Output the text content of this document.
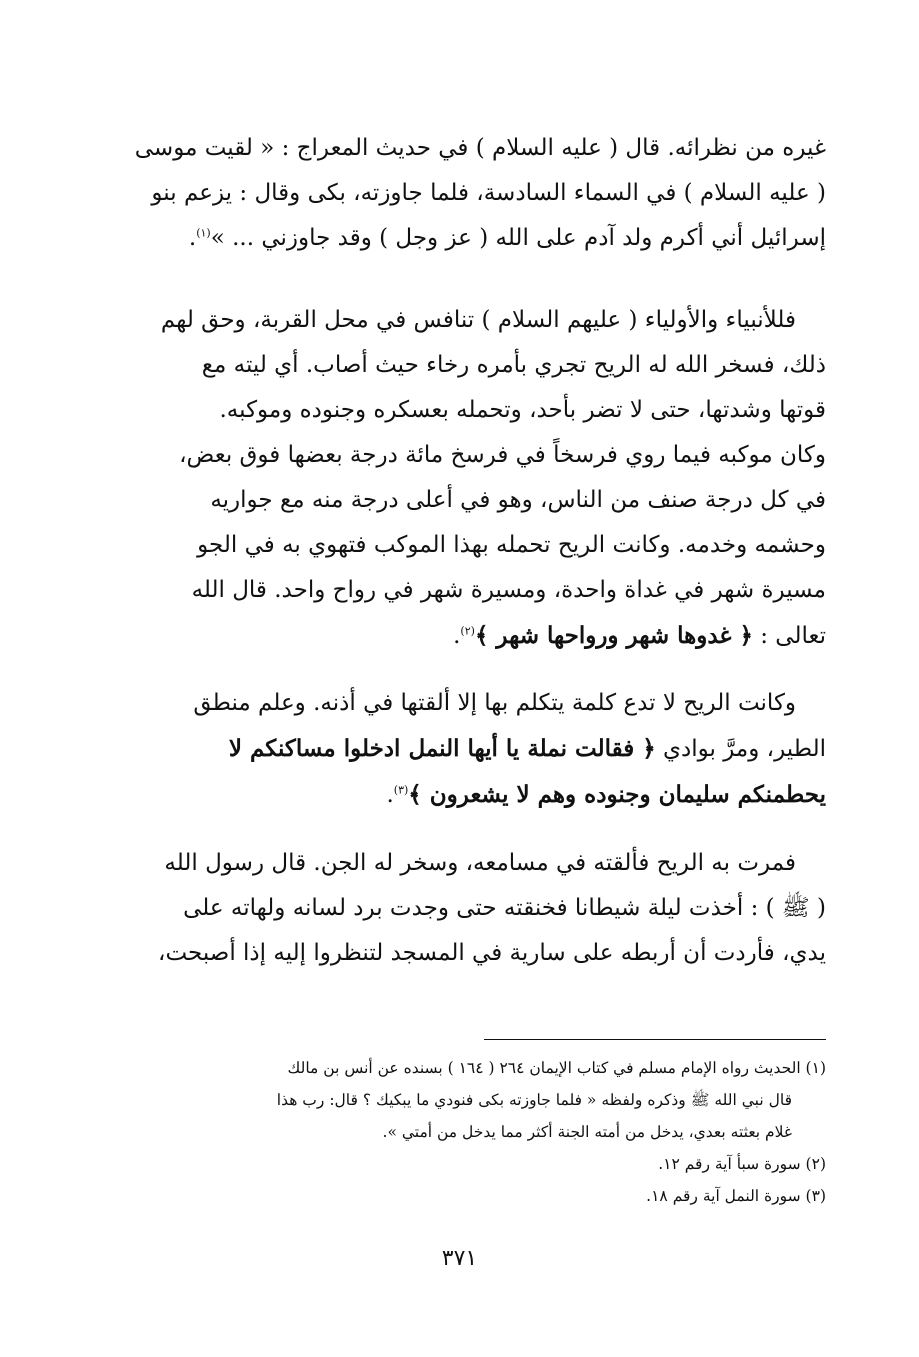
غيره من نظرائه. قال ( عليه السلام ) في حديث المعراج : « لقيت موسى
( عليه السلام ) في السماء السادسة، فلما جاوزته، بكى وقال : يزعم بنو
إسرائيل أني أكرم ولد آدم على الله ( عز وجل ) وقد جاوزني ... »$^{(١)}$.
فللأنبياء والأولياء ( عليهم السلام ) تنافس في محل القربة، وحق لهم
ذلك، فسخر الله له الريح تجري بأمره رخاء حيث أصاب. أي ليته مع
قوتها وشدتها، حتى لا تضر بأحد، وتحمله بعسكره وجنوده وموكبه.
وكان موكبه فيما روي فرسخاً في فرسخ مائة درجة بعضها فوق بعض،
في كل درجة صنف من الناس، وهو في أعلى درجة منه مع جواريه
وحشمه وخدمه. وكانت الريح تحمله بهذا الموكب فتهوي به في الجو
مسيرة شهر في غداة واحدة، ومسيرة شهر في رواح واحد. قال الله
تعالى : ﴿ غدوها شهر ورواحها شهر ﴾$^{(٢)}$.
وكانت الريح لا تدع كلمة يتكلم بها إلا ألقتها في أذنه. وعلم منطق
الطير، ومرَّ بوادي ﴿ فقالت نملة يا أيها النمل ادخلوا مساكنكم لا
يحطمنكم سليمان وجنوده وهم لا يشعرون ﴾$^{(٣)}$.
فمرت به الريح فألقته في مسامعه، وسخر له الجن. قال رسول الله
( ﷺ ) : أخذت ليلة شيطانا فخنقته حتى وجدت برد لسانه ولهاته على
يدي، فأردت أن أربطه على سارية في المسجد لتنظروا إليه إذا أصبحت،
(١) الحديث رواه الإمام مسلم في كتاب الإيمان ٢٦٤ ( ١٦٤ ) بسنده عن أنس بن مالك
قال نبي الله ﷺ وذكره ولفظه « فلما جاوزته بكى فنودي ما يبكيك ؟ قال: رب هذا
غلام بعثته بعدي، يدخل من أمته الجنة أكثر مما يدخل من أمتي ».
(٢) سورة سبأ آية رقم ١٢.
(٣) سورة النمل آية رقم ١٨.
٣٧١
